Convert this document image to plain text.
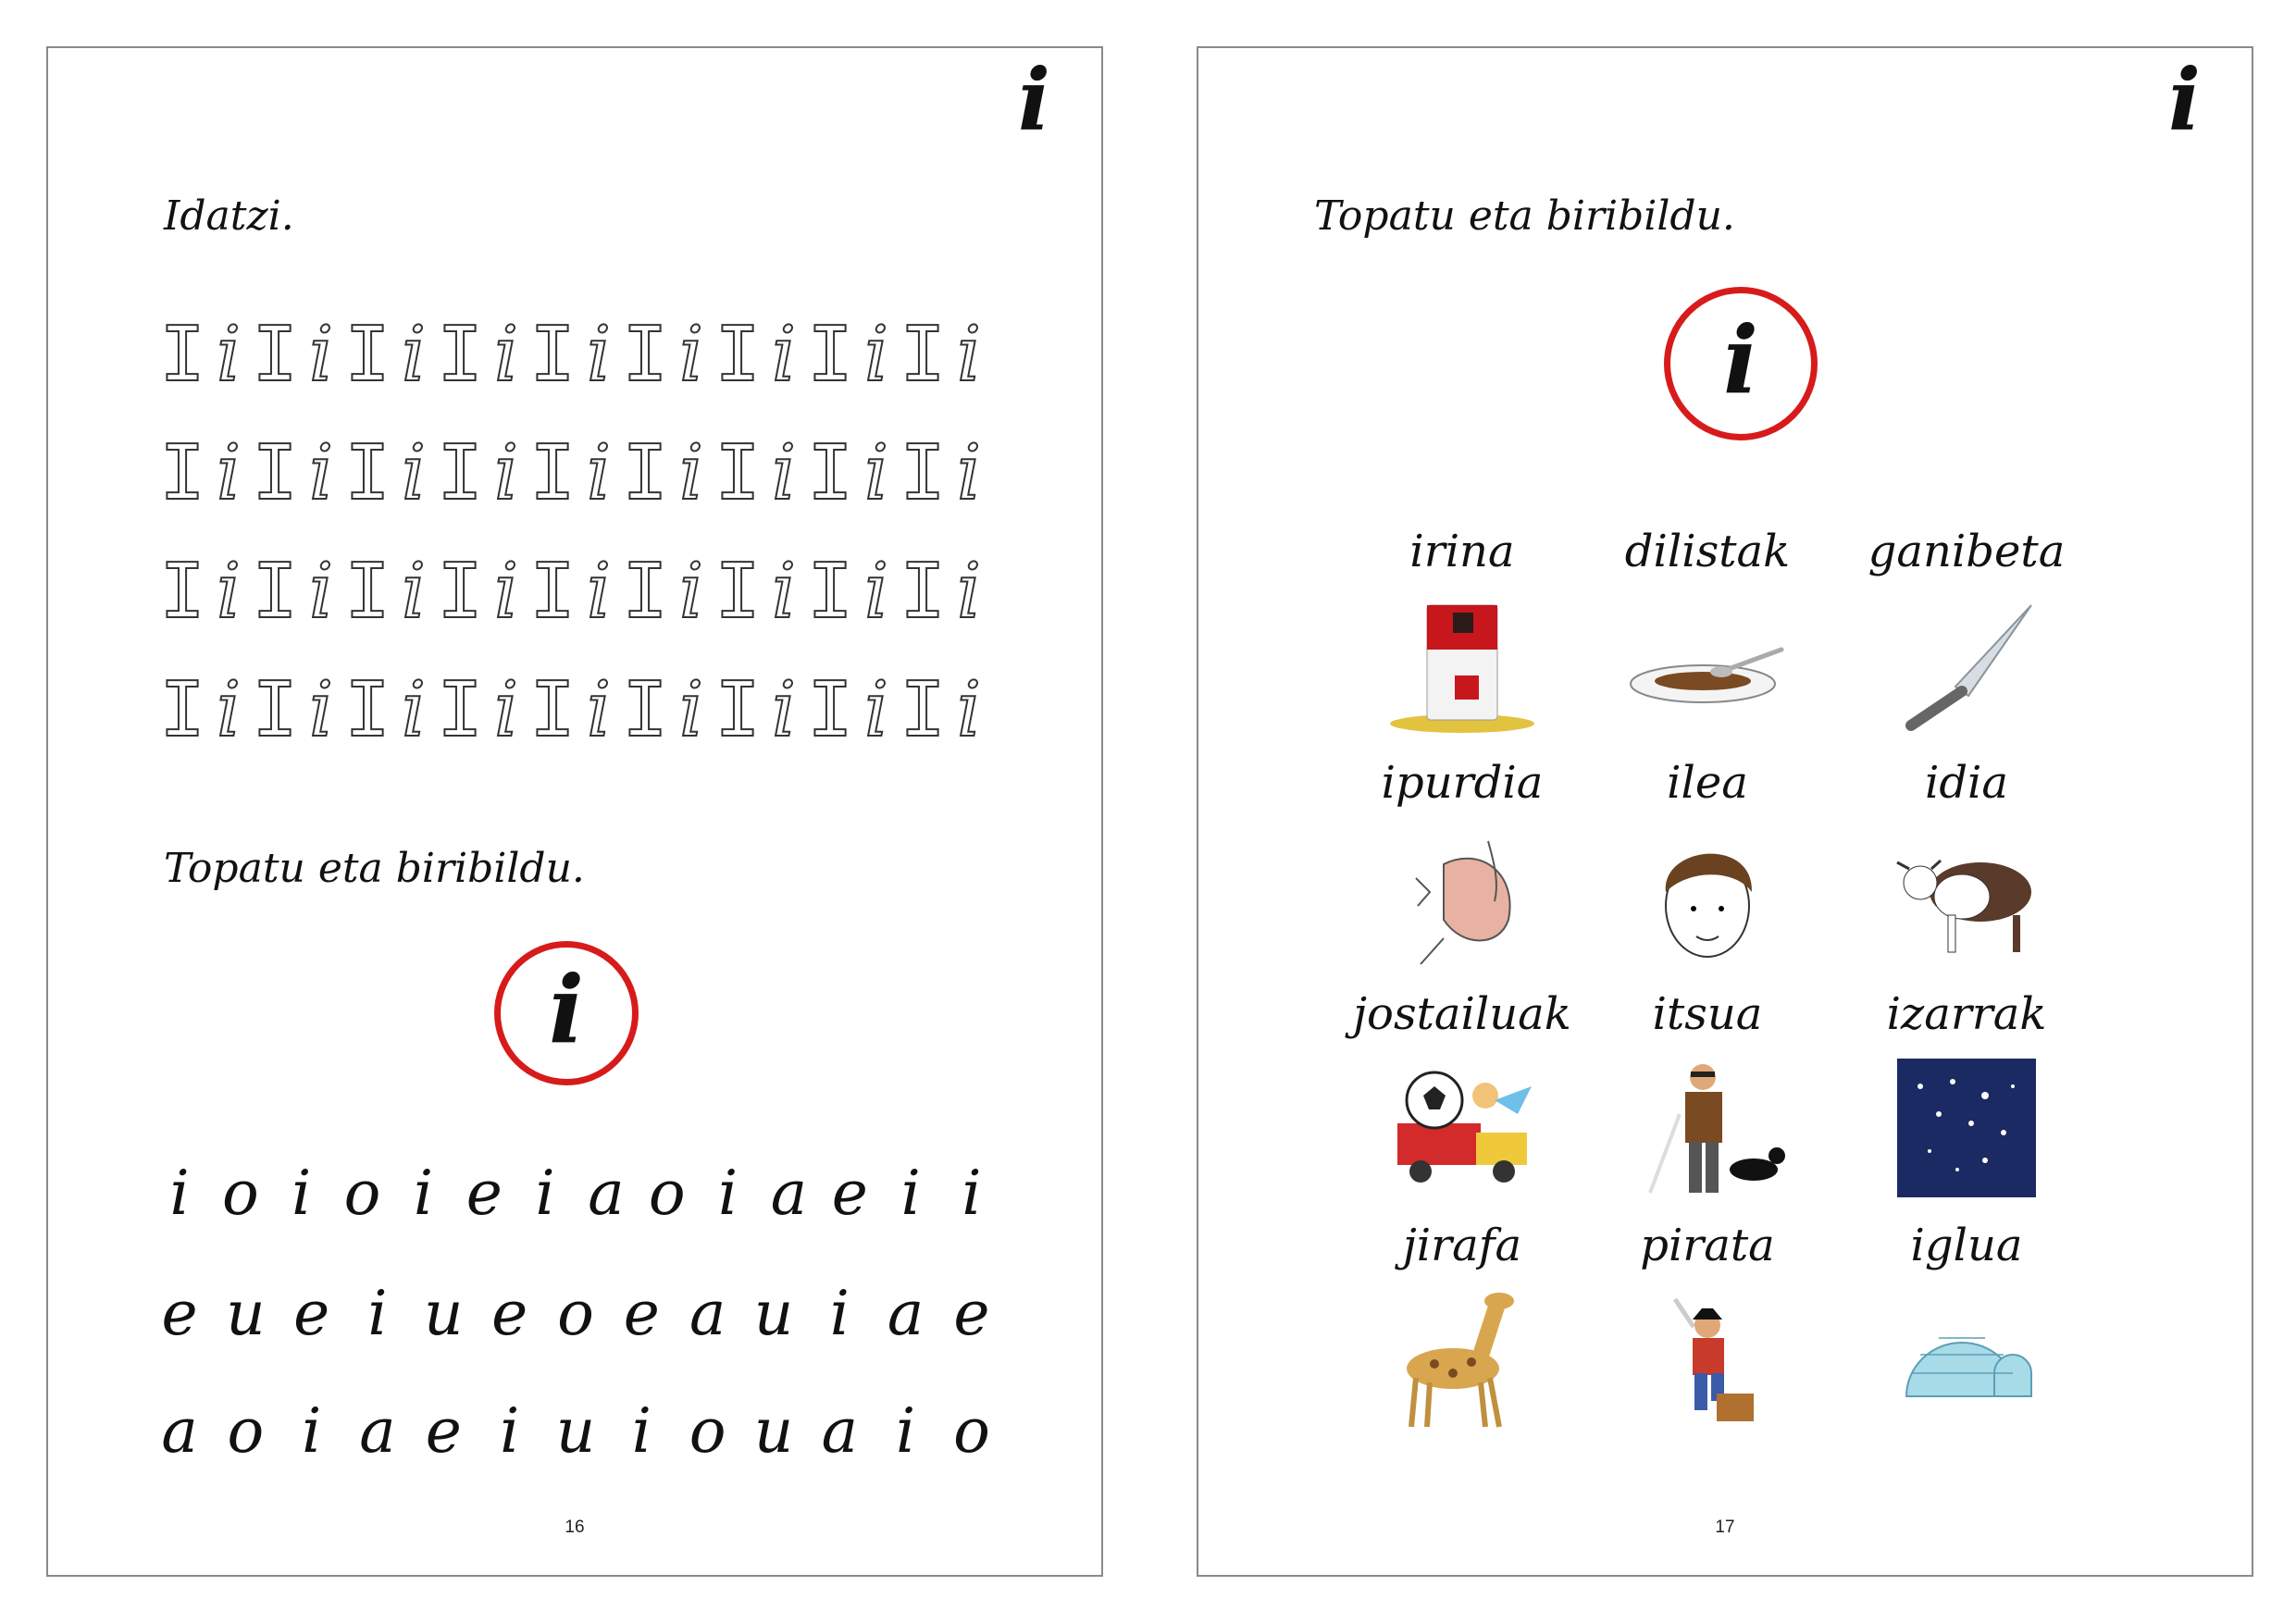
i
Idatzi.
I i I i I i I i I i I i I i I i I i
I i I i I i I i I i I i I i I i I i
I i I i I i I i I i I i I i I i I i
I i I i I i I i I i I i I i I i I i
Topatu eta biribildu.
i
i o i o i e i a o i a e i i
e u e i u e o e a u i a e
a o i a e i u i o u a i o
16
i
Topatu eta biribildu.
i
irina	dilistak	ganibeta
ipurdia	ilea	idia
jostailuak	itsua	izarrak
jirafa	pirata	iglua
17
